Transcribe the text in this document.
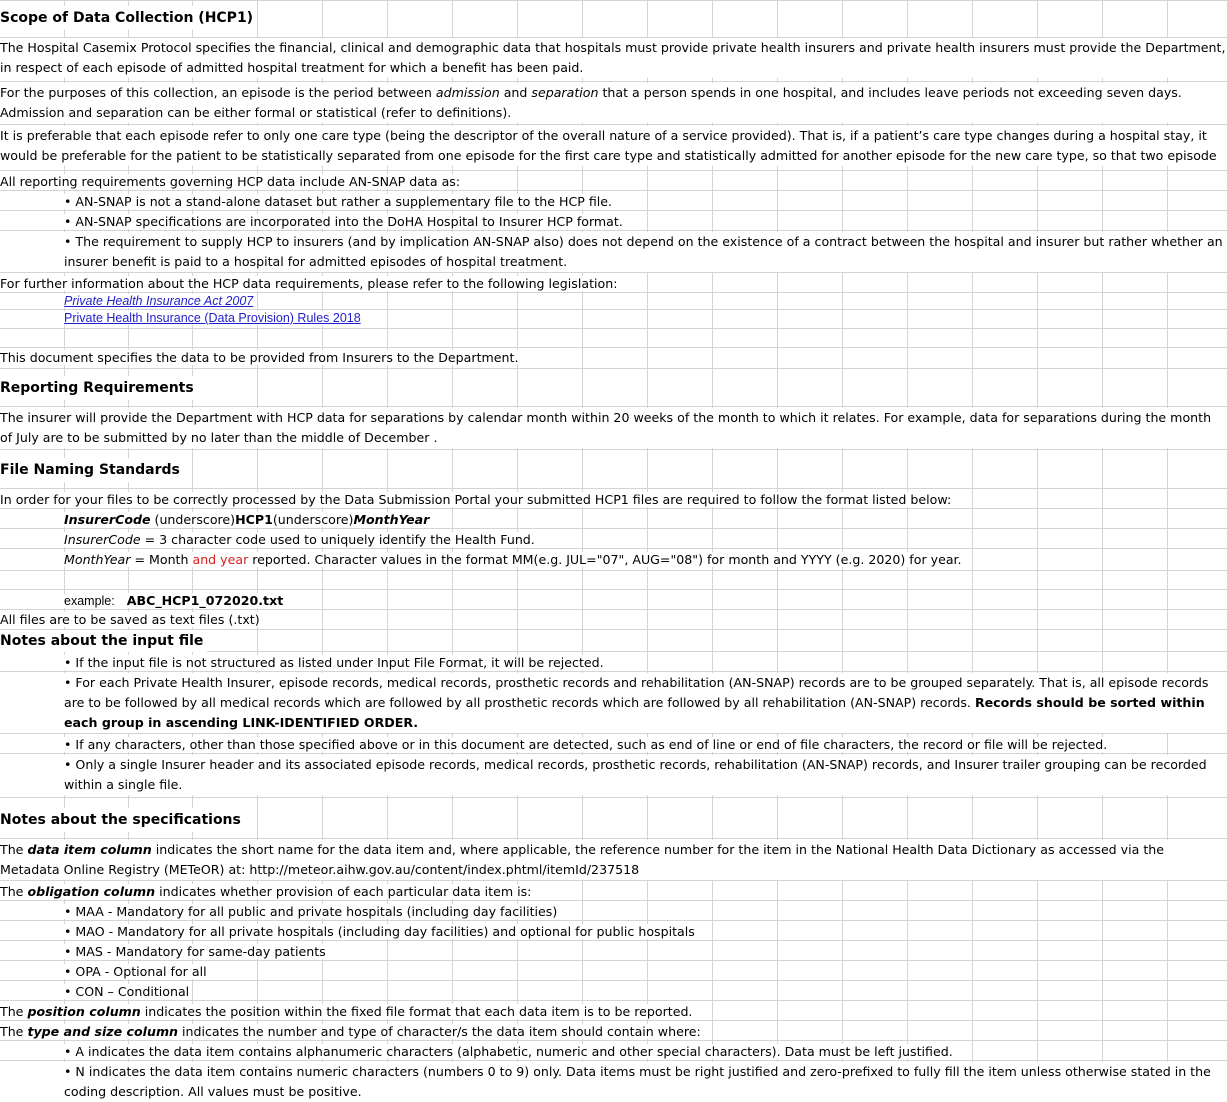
Scope of Data Collection (HCP1)
The Hospital Casemix Protocol specifies the financial, clinical and demographic data that hospitals must provide private health insurers and private health insurers must provide the Department, in respect of each episode of admitted hospital treatment for which a benefit has been paid.
For the purposes of this collection, an episode is the period between admission and separation that a person spends in one hospital, and includes leave periods not exceeding seven days. Admission and separation can be either formal or statistical (refer to definitions).
It is preferable that each episode refer to only one care type (being the descriptor of the overall nature of a service provided). That is, if a patient’s care type changes during a hospital stay, it would be preferable for the patient to be statistically separated from one episode for the first care type and statistically admitted for another episode for the new care type, so that two episode
All reporting requirements governing HCP data include AN-SNAP data as:
• AN-SNAP is not a stand-alone dataset but rather a supplementary file to the HCP file.
• AN-SNAP specifications are incorporated into the DoHA Hospital to Insurer HCP format.
• The requirement to supply HCP to insurers (and by implication AN-SNAP also) does not depend on the existence of a contract between the hospital and insurer but rather whether an insurer benefit is paid to a hospital for admitted episodes of hospital treatment.
For further information about the HCP data requirements, please refer to the following legislation:
Private Health Insurance Act 2007
Private Health Insurance (Data Provision) Rules 2018
This document specifies the data to be provided from Insurers to the Department.
Reporting Requirements
The insurer will provide the Department with HCP data for separations by calendar month within 20 weeks of the month to which it relates. For example, data for separations during the month of July are to be submitted by no later than the middle of December .
File Naming Standards
In order for your files to be correctly processed by the Data Submission Portal your submitted HCP1 files are required to follow the format listed below:
InsurerCode (underscore)HCP1(underscore)MonthYear
InsurerCode = 3 character code used to uniquely identify the Health Fund.
MonthYear = Month and year reported. Character values in the format MM(e.g. JUL="07", AUG="08") for month and YYYY (e.g. 2020) for year.
example: ABC_HCP1_072020.txt
All files are to be saved as text files (.txt)
Notes about the input file
• If the input file is not structured as listed under Input File Format, it will be rejected.
• For each Private Health Insurer, episode records, medical records, prosthetic records and rehabilitation (AN-SNAP) records are to be grouped separately. That is, all episode records are to be followed by all medical records which are followed by all prosthetic records which are followed by all rehabilitation (AN-SNAP) records. Records should be sorted within each group in ascending LINK-IDENTIFIED ORDER.
• If any characters, other than those specified above or in this document are detected, such as end of line or end of file characters, the record or file will be rejected.
• Only a single Insurer header and its associated episode records, medical records, prosthetic records, rehabilitation (AN-SNAP) records, and Insurer trailer grouping can be recorded within a single file.
Notes about the specifications
The data item column indicates the short name for the data item and, where applicable, the reference number for the item in the National Health Data Dictionary as accessed via the Metadata Online Registry (METeOR) at: http://meteor.aihw.gov.au/content/index.phtml/itemId/237518
The obligation column indicates whether provision of each particular data item is:
• MAA - Mandatory for all public and private hospitals (including day facilities)
• MAO - Mandatory for all private hospitals (including day facilities) and optional for public hospitals
• MAS - Mandatory for same-day patients
• OPA - Optional for all
• CON – Conditional
The position column indicates the position within the fixed file format that each data item is to be reported.
The type and size column indicates the number and type of character/s the data item should contain where:
• A indicates the data item contains alphanumeric characters (alphabetic, numeric and other special characters). Data must be left justified.
• N indicates the data item contains numeric characters (numbers 0 to 9) only. Data items must be right justified and zero-prefixed to fully fill the item unless otherwise stated in the coding description. All values must be positive.
